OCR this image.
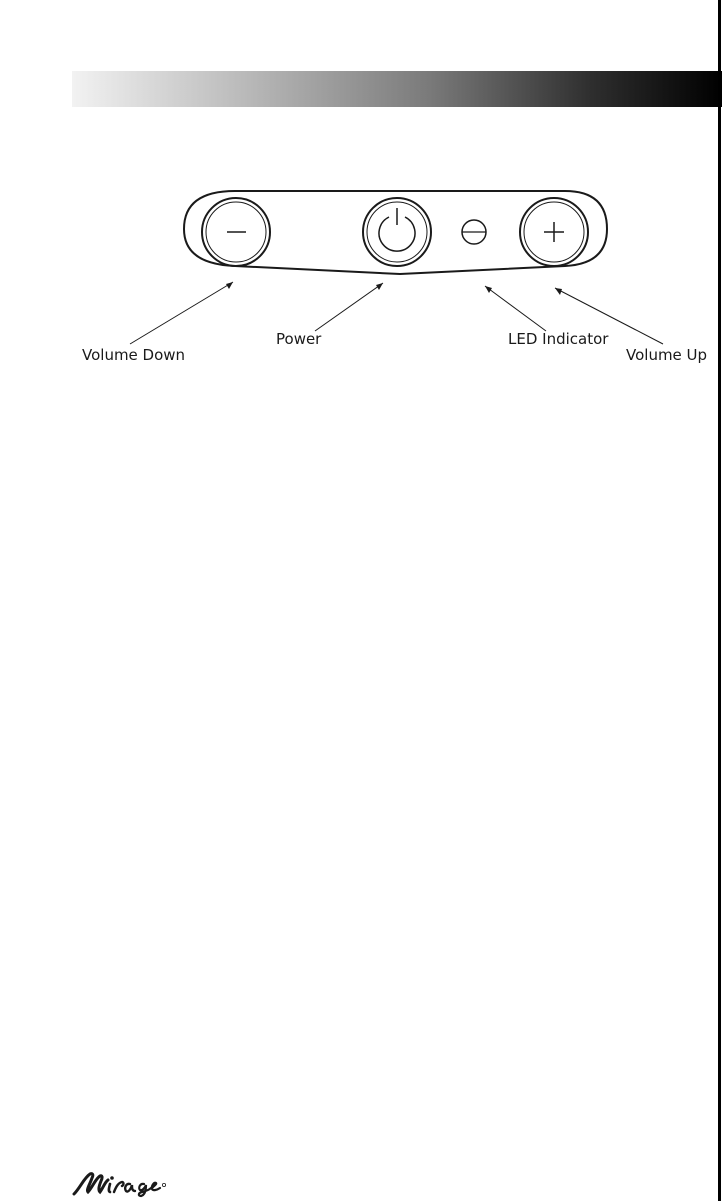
Volume Down
Power	LED Indicator
Volume Up
